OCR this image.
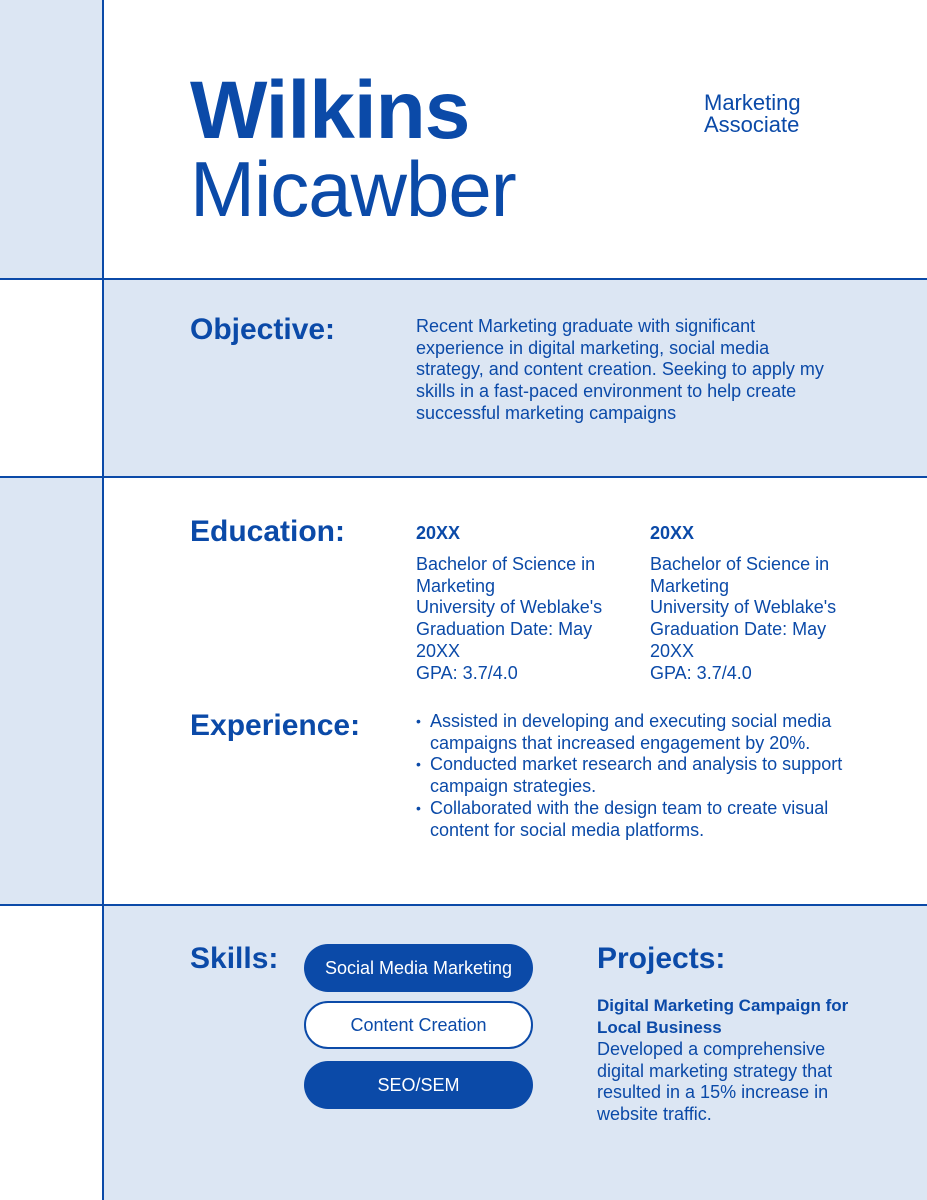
Wilkins
Micawber
Marketing
Associate
Objective:	Recent Marketing graduate with significant experience in digital marketing, social media strategy, and content creation. Seeking to apply my skills in a fast-paced environment to help create successful marketing campaigns
Education:	20XX
Bachelor of Science in Marketing
University of Weblake's
Graduation Date: May 20XX
GPA: 3.7/4.0
20XX
Bachelor of Science in Marketing
University of Weblake's
Graduation Date: May 20XX
GPA: 3.7/4.0
Experience:	• Assisted in developing and executing social media campaigns that increased engagement by 20%.
• Conducted market research and analysis to support campaign strategies.
• Collaborated with the design team to create visual content for social media platforms.
Skills:	Social Media Marketing
Content Creation
SEO/SEM
Projects:
Digital Marketing Campaign for Local Business
Developed a comprehensive digital marketing strategy that resulted in a 15% increase in website traffic.
